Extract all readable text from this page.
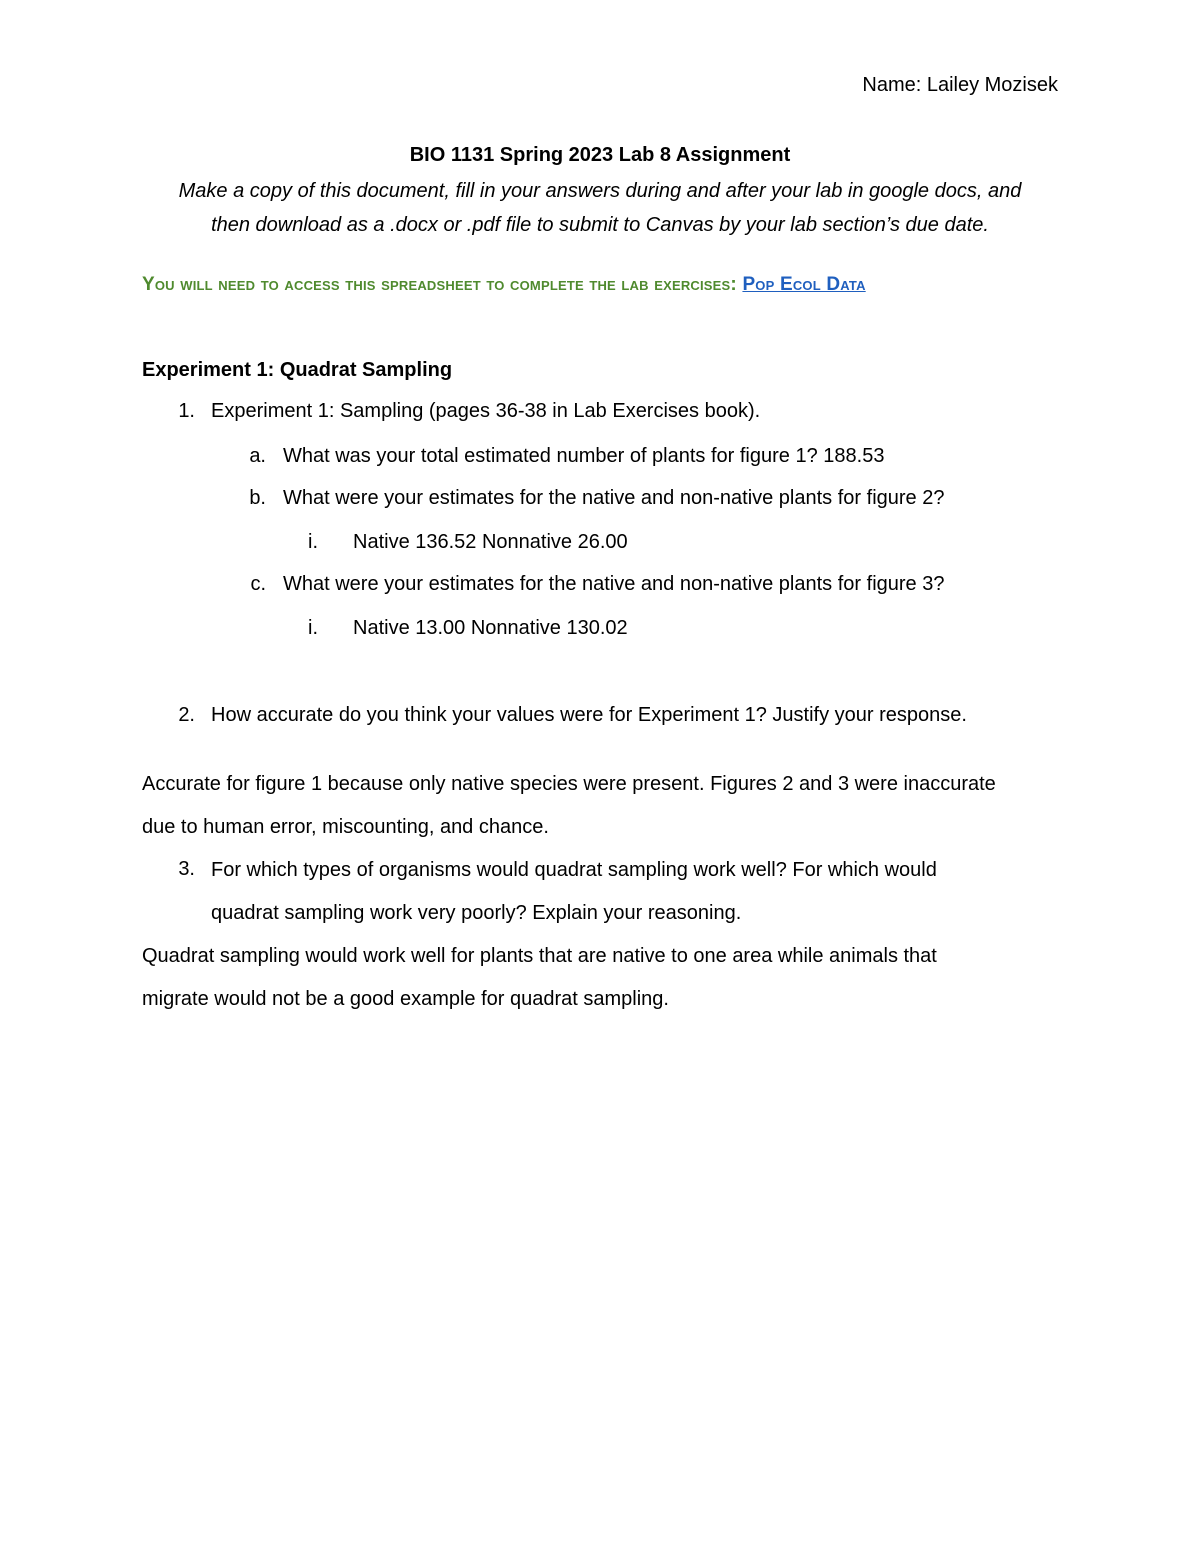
Name: Lailey Mozisek
BIO 1131 Spring 2023 Lab 8 Assignment
Make a copy of this document, fill in your answers during and after your lab in google docs, and
then download as a .docx or .pdf file to submit to Canvas by your lab section’s due date.
You will need to access this spreadsheet to complete the lab exercises: Pop Ecol Data
Experiment 1: Quadrat Sampling
1. Experiment 1: Sampling (pages 36-38 in Lab Exercises book).
a. What was your total estimated number of plants for figure 1? 188.53
b. What were your estimates for the native and non-native plants for figure 2?
i. Native 136.52 Nonnative 26.00
c. What were your estimates for the native and non-native plants for figure 3?
i. Native 13.00 Nonnative 130.02
2. How accurate do you think your values were for Experiment 1? Justify your response.
Accurate for figure 1 because only native species were present. Figures 2 and 3 were inaccurate
due to human error, miscounting, and chance.
3. For which types of organisms would quadrat sampling work well? For which would
quadrat sampling work very poorly? Explain your reasoning.
Quadrat sampling would work well for plants that are native to one area while animals that
migrate would not be a good example for quadrat sampling.
